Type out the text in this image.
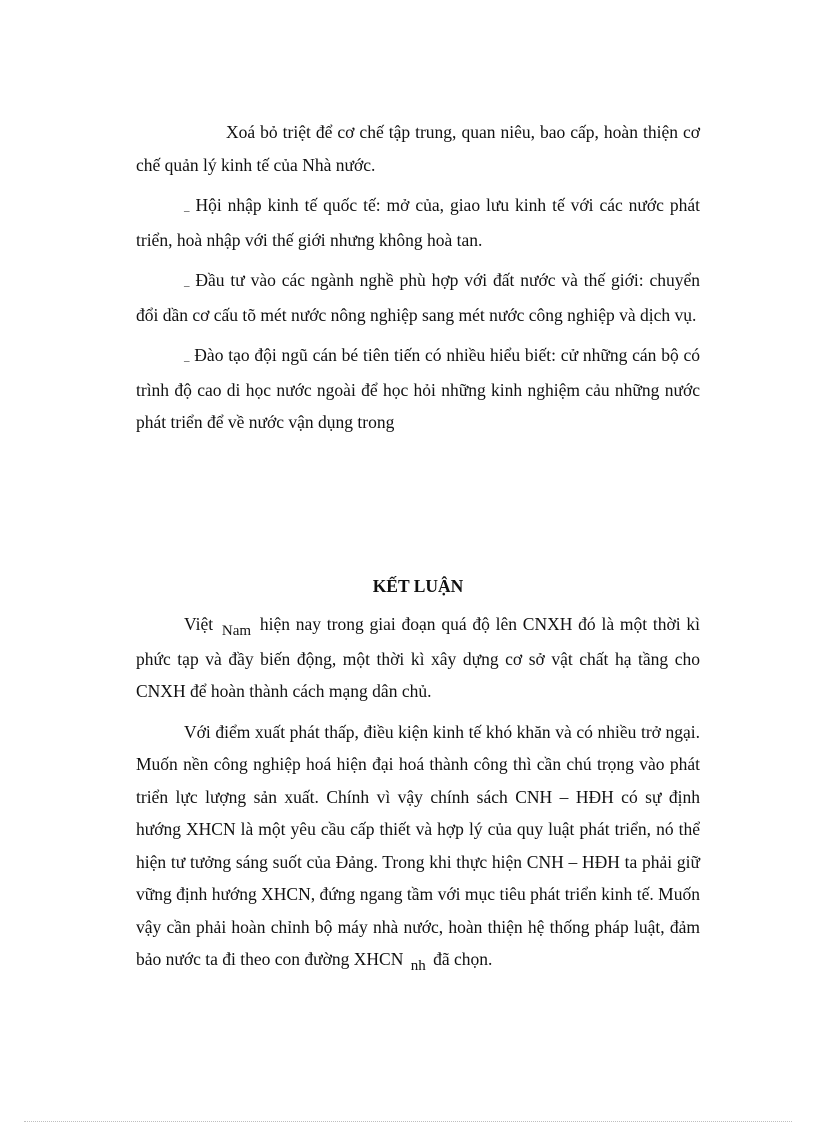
Xoá bỏ triệt để cơ chế tập trung, quan niêu, bao cấp, hoàn thiện cơ chế quản lý kinh tế của Nhà nước.

_ Hội nhập kinh tế quốc tế: mở của, giao lưu kinh tế với các nước phát triển, hoà nhập với thế giới nhưng không hoà tan.

_ Đầu tư vào các ngành nghề phù hợp với đất nước và thế giới: chuyển đổi dần cơ cấu tõ mét nước nông nghiệp sang mét nước công nghiệp và dịch vụ.

_ Đào tạo đội ngũ cán bé tiên tiến có nhiều hiểu biết: cử những cán bộ có trình độ cao di học nước ngoài để học hỏi những kinh nghiệm cảu những nước phát triển để về nước vận dụng trong

KẾT LUẬN

Việt Nam hiện nay trong giai đoạn quá độ lên CNXH đó là một thời kì phức tạp và đầy biến động, một thời kì xây dựng cơ sở vật chất hạ tầng cho CNXH để hoàn thành cách mạng dân chủ.

Với điểm xuất phát thấp, điều kiện kinh tế khó khăn và có nhiều trở ngại. Muốn nền công nghiệp hoá hiện đại hoá thành công thì cần chú trọng vào phát triển lực lượng sản xuất. Chính vì vậy chính sách CNH – HĐH có sự định hướng XHCN là một yêu cầu cấp thiết và hợp lý của quy luật phát triển, nó thể hiện tư tưởng sáng suốt của Đảng. Trong khi thực hiện CNH – HĐH ta phải giữ vững định hướng XHCN, đứng ngang tầm với mục tiêu phát triển kinh tế. Muốn vậy cần phải hoàn chỉnh bộ máy nhà nước, hoàn thiện hệ thống pháp luật, đảm bảo nước ta đi theo con đường XHCN nh đã chọn.
